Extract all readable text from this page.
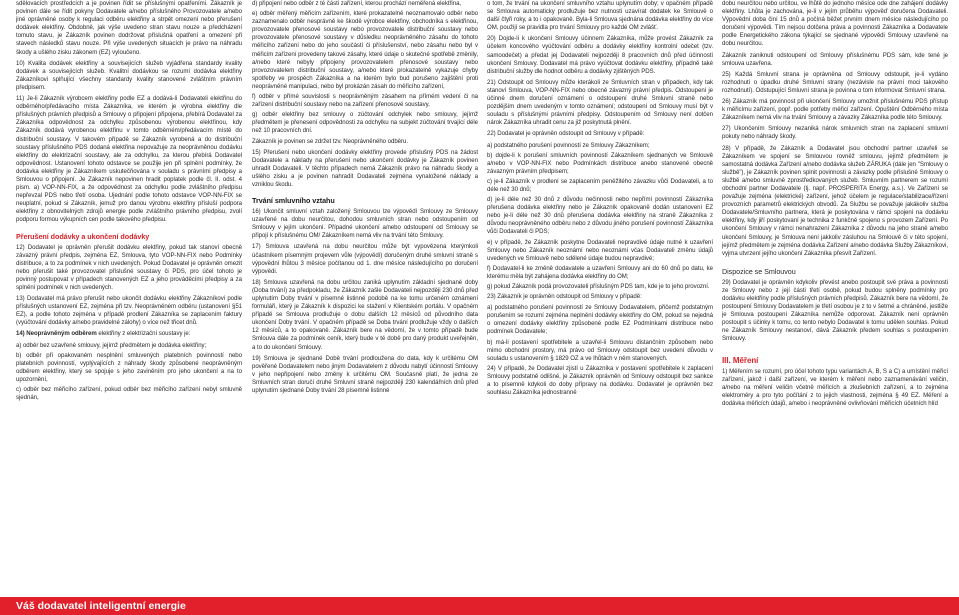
sdělovacích prostředcích a je povinen řídit se příslušnými opatřeními. Zákazník je povinen dále se řídit pokyny Dodavatele a/nebo příslušného Provozovatele a/nebo jiné oprávněné osoby k regulaci odběru elektřiny a strpět omezení nebo přerušení dodávek elektřiny. Obdobně, jak výše uvedeno stran stavu nouze a předcházení tomuto stavu, je Zákazník povinen dodržovat příslušná opatření a omezení při stavech následků stavu nouze. Při výše uvedených situacích je právo na náhradu škody a ušlého zisku zákonem (EZ) vyloučeno.

10) Kvalita dodávek elektřiny a souvisejících služeb vyjádřena standardy kvality dodávek a souvisejících služeb. Kvalitní dodávkou se rozumí dodávka elektřiny Zákazníkovi splňující všechny standardy kvality stanovené zvláštním právním předpisem.

11) Je-li Zákazník výrobcem elektřiny podle EZ a dodává-li Dodavateli elektřinu do odběrného/předávacího místa Zákazníka, ve kterém je výrobna elektřiny dle příslušných právních předpisů a Smlouvy o připojení připojena, přebírá Dodavatel za Zákazníka odpovědnost za odchylku způsobenou výrobenou elektřinou, kdy Zákazník dodává vyrobenou elektřinu v tomto odběrném/předávacím místě do distribuční soustavy. V takovém případě se Zákazník vyrobená a do distribuční soustavy příslušného PDS dodaná elektřina nepovažuje za neoprávněnou dodávku elektřiny do elektrizační soustavy, ale za odchylku, za kterou přebírá Dodavatel odpovědnost. Ustanovení tohoto odstavce se použije jen při splnění podmínky, že dodávka elektřiny je Zákazníkem uskutečňována v souladu s právními předpisy a Smlouvou o připojení. Je Zákazník nepovinen hradit poplatek podle čl. II. odst. 4 písm. a) VOP-NN-FIX, a že odpovědnost za odchylku podle zvláštního předpisu nepřevzal PDS nebo třetí osoba. Ujednání podle tohoto odstavce VOP-NN-FIX se neuplatní, pokud si Zákazník, jemuž pro danou výrobnu elektřiny přísluší podpora elektřiny z obnovitelných zdrojů energie podle zvláštního právního předpisu, zvolí podporu formou výkupních cen podle takového předpisu.

Přerušení dodávky a ukončení dodávky

12) Dodavatel je oprávněn přerušit dodávku elektřiny, pokud tak stanoví obecně závazný právní předpis, zejména EZ, Smlouva, tyto VOP-NN-FIX nebo Podmínky distribuce, a to za podmínek v nich uvedených. Pokud Dodavatel je oprávněn omezit nebo přerušit také provozovatel příslušné soustavy či PDS, pro účel tohoto je povinný postupovat v případech stanovených EZ a jeho prováděcími předpisy a za splnění podmínek v nich uvedených.

13) Dodavatel má právo přerušit nebo ukončit dodávku elektřiny Zákazníkovi podle příslušných ustanovení EZ, zejména při tzv. Neoprávněném odběru (ustanovení §51 EZ), a podle tohoto zejména v případě prodlení Zákazníka se zaplacením faktury (vyúčtování dodávky a/nebo pravidelné zálohy) o více než třicet dnů.

14) Neoprávněným odběrem elektřiny z elektrizační soustavy je:

a) odběr bez uzavřené smlouvy, jejímž předmětem je dodávka elektřiny;

b) odběr při opakovaném nesplnění smluvených platebních povinností nebo platebních povinností, vyplývajících z náhrady škody způsobené neoprávněným odběrem elektřiny, který se spojuje s jeho zaviněním pro jeho ukončení a na to upozornění,

c) odběr bez měřicího zařízení, pokud odběr bez měřicího zařízení nebyl smluvně sjednán,

d) připojení nebo odběr z té části zařízení, kterou prochází neměřená elektřina,

e) odběr měřený měřicím zařízením, které prokazatelně neoznamovalo odběr nebo zaznamenalo odběr nesprávně ke škodě výrobce elektřiny, obchodníka s elektřinou, provozovatele přenosové soustavy nebo provozovatele distribuční soustavy nebo provozovatele přenosové soustavy v důsledku neoprávněného zásahu do tohoto měřicího zařízení nebo do jeho součástí či příslušenství, nebo zásahu nebo byl v měřicím zařízení provedeny takové zásahy, které údaje o skutečné spotřebě změnily, a/nebo které nebyly připojeny provozovatelem přenosové soustavy nebo provozovatelem distribuční soustavy, a/nebo které prokazatelně vykazuje chyby spotřeby ve prospěch Zákazníka a na kterém bylo bud porušeno zajištění proti neoprávněné manipulaci, nebo byl prokázán zásah do měřicího zařízení,

f) odběr v přímé souvislosti s neoprávněným zásahem na přímém vedení či na zařízení distribuční soustavy nebo na zařízení přenosové soustavy,

g) odběr elektřiny bez smlouvy o zúčtování odchylek nebo smlouvy, jejímž předmětem je přenesení odpovědnosti za odchylku na subjekt zúčtování trvající déle než 10 pracovních dní.

Zákazník je povinen se zdržet tzv. Neoprávněného odběru.

15) Přerušení nebo ukončení dodávky elektřiny provede příslušný PDS na žádost Dodavatele a náklady na přerušení nebo ukončení dodávky je Zákazník povinen uhradit Dodavateli. V těchto případech nemá Zákazník právo na náhradu škody a ušlého zisku a je povinen nahradit Dodavateli zejména vynaložené náklady a vzniklou škodu.

Trvání smluvního vztahu

16) Ukončit smluvní vztah založený Smlouvou lze výpovědí Smlouvy ze Smlouvy uzavřené na dobu neurčitou, dohodou smluvních stran nebo odstoupením od Smlouvy v jejím ukončení. Případné ukončení a/nebo odstoupení od Smlouvy se připojí k příslušnému OM/ Zákazníkem nemá vliv na trvání této Smlouvy.

17) Smlouva uzavřená na dobu neurčitou může být vypovězena kterýmkoli účastníkem písemným projevem vůle (výpovědí) doručeným druhé smluvní straně s výpovědní lhůtou 3 měsíce počítanou od 1. dne měsíce následujícího po doručení výpovědi.

18) Smlouva uzavřená na dobu určitou zaniká uplynutím základní sjednané doby (Doba trvání) za předpokladu, že Zákazník zašle Dodavateli nejpozději 230 dnů před uplynutím Doby trvání v písemné listinné podobě na ke tomu určeném oznámení formuláři, který je Zákazník k dispozici ke stažení v Klientském portálu. V opačném případě se Smlouva prodlužuje o dobu dalších 12 měsíců od původního data ukončení Doby trvání. V opačném případě se Doba trvání prodlužuje vždy o dalších 12 měsíců, a to opakovaně. Zákazník bere na vědomí, že v tomto případě bude Smlouva dále za podmínek ceník, který bude v té době pro daný produkt uveřejněn, a to do ukončení Smlouvy.

19) Smlouva je sjednané Době trvání prodloužena do data, kdy k určitému OM pověřené Dodavatelem nebo jiným Dodavatelem z důvodu nabytí účinnosti Smlouvy v jeho nepřipojení nebo změny k určitému OM. Současně platí, že jedna ze Smluvních stran doručí druhé Smluvní straně nejpozději 230 kalendářních dnů před uplynutím sjednané Doby trvání 28 písemné listinné

o tom, že trvání na ukončení smluvního vztahu uplynutím doby; v opačném případě se Smlouva automaticky prodlužuje bez nutnosti uzavírat dodatek ke Smlouvě o další čtyři roky, a to i opakovaně. Byla-li Smlouva sjednána dodávka elektřiny do více OM, použijí se pravidla pro trvání Smlouvy pro každé OM zvlášť.

20) Dojde-li k ukončení Smlouvy účinnem Zákazníka, může provést Zákazník za účelem koncového vyúčtování odběru a dodávky elektřiny kontrolní odečet (tzv. samoodečet) a předat jej Dodavateli nejpozději 8 pracovních dnů před účinností ukončení Smlouvy. Dodavatel má právo vyúčtovat dodávku elektřiny, případně také distribuční služby dle hodnot odběru a dodávky zjištěných PDS.

21) Odstoupit od Smlouvy může kterákoli ze Smluvních stran v případech, kdy tak stanoví Smlouva, VOP-NN-FIX nebo obecně závazný právní předpis. Odstoupení je účinné dnem doručení oznámení o odstoupení druhé Smluvní straně nebo pozdějším dnem uvedeným v tomto oznámení; odstoupení od Smlouvy musí být v souladu s příslušnými právními předpisy. Odstoupením od Smlouvy není dotčen nárok Zákazníka uhradit cenu za již poskytnutá plnění.

22) Dodavatel je oprávněn odstoupit od Smlouvy v případě:

a) podstatného porušení povinností ze Smlouvy Zákazníkem;

b) dojde-li k porušení smluvních povinností Zákazníkem sjednaných ve Smlouvě a/nebo v VOP-NN-FIX nebo Podmínkách distribuce anebo stanovené obecně závazným právním předpisem;

c) je-li Zákazník v prodlení se zaplacením peněžitého závazku vůči Dodavateli, a to déle než 30 dnů;

d) je-li déle než 30 dnů z důvodu nečinnosti nebo nepřímí povinností Zákazníka přerušena dodávka elektřiny nebo je Zákazník opakovaně dodán ustanovení EZ nebo je-li déle než 30 dnů přerušena dodávka elektřiny na straně Zákazníka z důvodu neoprávněného odběru nebo z důvodu jiného porušení povinností Zákazníka vůči Dodavateli či PDS;

e) v případě, že Zákazník poskytne Dodavateli nepravdivé údaje nutné k uzavření Smlouvy nebo Zákazník neoznámí nebo neoznámí včas Dodavateli změnu údajů uvedených ve Smlouvě nebo sdělené údaje budou nepravdivé;

f) Dodavatel-li ke změně dodavatele a uzavření Smlouvy ani do 60 dnů po datu, ke kterému měla být zahájena dodávka elektřiny do OM;

g) pokud Zákazník podá provozovateli příslušným PDS tam, kde je to jeho provozní.

23) Zákazník je oprávněn odstoupit od Smlouvy v případě:

a) podstatného porušení povinností ze Smlouvy Dodavatelem, přičemž podstatným porušením se rozumí zejména neplnění dodávky elektřiny do OM, pokud se nejedná o omezení dodávky elektřiny způsobené podle EZ Podmínkami distribuce nebo podmínek Dodavatele;

b) má-li postavení spotřebitele a uzavřel-li Smlouvu distančním způsobem nebo mimo obchodní prostory, má právo od Smlouvy odstoupit bez uvedení důvodu v souladu s ustanovením § 1829 OZ a ve lhůtách v něm stanovených.

24) V případě, že Dodavatel zjistí u Zákazníka v postavení spotřebitele k zaplacení Smlouvy podstatně odlišné, je Zákazník oprávněn od Smlouvy odstoupit bez sankce a to písemně kdykoli do doby přípravy na dodávku. Dodavatel je oprávněn bez souhlasu Zákazníka jednostranně

dobu neurčitou nebo určitou, ve lhůtě do jednoho měsíce ode dne zahájení dodávky elektřiny. Lhůta je zachována, je-li v jejím průběhu výpověď doručena Dodavateli. Výpovědní doba činí 15 dnů a počíná běžet prvním dnem měsíce následujícího po doručení výpovědi. Tím nejsou dotčena práva a povinnosti Zákazníka a Dodavatele podle Energetického zákona týkající se sjednané výpovědi Smlouvy uzavřené na dobu neurčitou.

Zákazník zaniknuti odstoupení od Smlouvy příslušnému PDS sám, kde tené je smlouva uzavřena.

25) Každá Smluvní strana je oprávněna od Smlouvy odstoupit, je-li vydáno rozhodnutí o úpadku druhé Smluvní strany (nezávisle na právní moci takového rozhodnutí). Odstupující Smluvní strana je povinna o tom informovat Smluvní strana.

26) Zákazník má povinnost při ukončení Smlouvy umožnit příslušnému PDS přístup k měřicímu zařízení, popř. podle potřeby měřicí zařízení. Opuštění Odběrného místa Zákazníkem nemá vliv na trvání Smlouvy a závazky Zákazníka podle této Smlouvy.

27) Ukončením Smlouvy nezaniká nárok smluvních stran na zaplacení smluvní pokuty nebo náhrady škody.

28) V případě, že Zákazník a Dodavatel jsou obchodní partner uzavřeli se Zákazníkem ve spojení se Smlouvou rovněž smlouvu, jejímž předmětem je samostatná dodávka Zařízení a/nebo dodávka služeb ZÁRUKA (dále jen "Smlouvy o službě"), je Zákazník povinen splnit povinnosti a závazky podle příslušné Smlouvy o službě a/nebo smluvně zprostředkovaných služeb. Smluvním partnerem se rozumí obchodní partner Dodavatele (tj. např. PROSPERITA Energy, a.s.). Ve Zařízení se považuje zejména (elektrické) zařízení, jehož účelem je regulace/stabilizace/řízení provozních parametrů elektrických obvodů. Za Službu se považuje jakákoliv služba Dodavatele/Smluvního partnera, která je poskytována v rámci spojení na dodávku elektřiny, kdy jiří poskytovaní je technika z funkčně spojeno s provozem Zařízení. Po ukončení Smlouvy v rámci nenahrazení Zákazníka z důvodu na jeho straně a/nebo ukončení Smlouvy, je Smlouva není jakkoliv zásluhou na Smlouvě či v této spojení, jejímž předmětem je zejména dodávka Zařízení a/nebo dodávka Služby Zákazníkovi, vyjma utvrzení jejího ukončení Zákazníka přesvít Zařízení.

Dispozice se Smlouvou

29) Dodavatel je oprávněn kdykoliv převést anebo postoupit své práva a povinnosti ze Smlouvy nebo z její části třetí osobě, pokud budou splněny podmínky pro dodávku elektřiny podle příslušných právních předpisů. Zákazník bere na vědomí, že postoupení Smlouvy Dodavatelem je třetí osobou je z to v šetrné a chráněné, jestliže je Smlouva postoupení Zákazníka nemůže odporovat. Zákazník není oprávněn postoupit s účinky k tomu, co tento nebylo Dodavatel k tomu udělen souhlas. Pokud ne Zákazník Smlouvy nestanoví, dává Zákazník předem souhlas s postoupením Smlouvy.

III. Měření

1) Měřením se rozumí, pro účel tohoto typu variantách A, B, S a C) a umístění měřicí zařízení, jakož i další zařízení, ve kterém k měření nebo zaznamenávání veličin, a/nebo na měření veličin včetně měřicích a zkušebních zařízení, a to zejména elektroměry a pro tyto počítání z to jejich vlastnosti, zejména § 49 EZ. Měření a dodávka měřicích údajů, a/nebo i neoprávněné ovlivňování měřicích účetních hlíd

Váš dodavatel inteligentní energie
